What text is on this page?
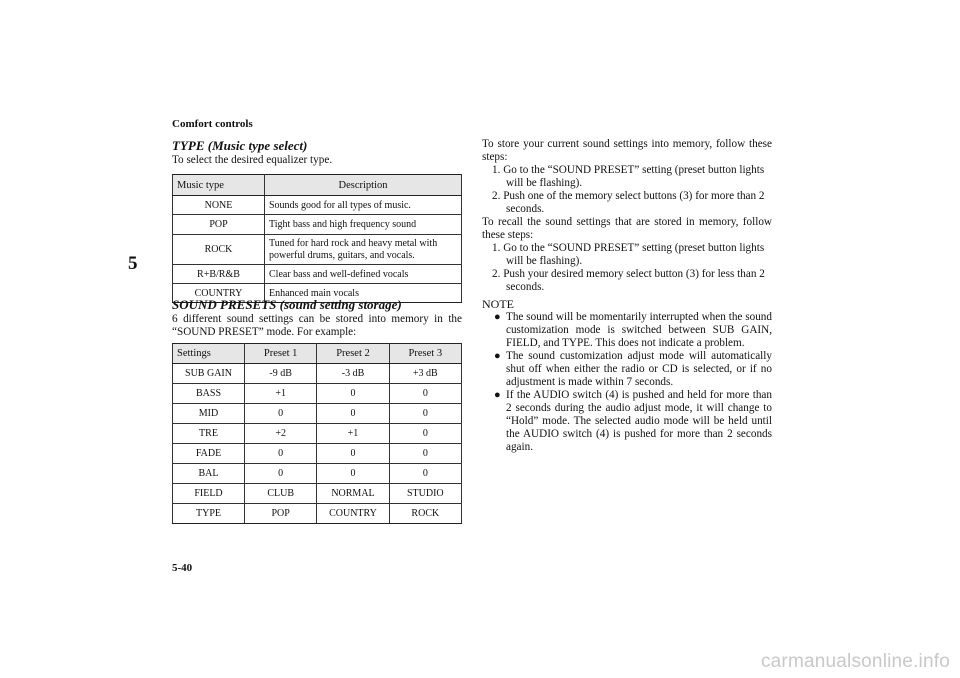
Comfort controls
5
TYPE (Music type select)

To select the desired equalizer type.

Music type	Description
NONE	Sounds good for all types of music.
POP	Tight bass and high frequency sound
ROCK	Tuned for hard rock and heavy metal with powerful drums, guitars, and vocals.
R+B/R&B	Clear bass and well-defined vocals
COUNTRY	Enhanced main vocals
SOUND PRESETS (sound setting storage)

6 different sound settings can be stored into memory in the “SOUND PRESET” mode. For example:

Settings	Preset 1	Preset 2	Preset 3
SUB GAIN	-9 dB	-3 dB	+3 dB
BASS	+1	0	0
MID	0	0	0
TRE	+2	+1	0
FADE	0	0	0
BAL	0	0	0
FIELD	CLUB	NORMAL	STUDIO
TYPE	POP	COUNTRY	ROCK

To store your current sound settings into memory, follow these steps:

1. Go to the “SOUND PRESET” setting (preset button lights will be flashing).

2. Push one of the memory select buttons (3) for more than 2 seconds.

To recall the sound settings that are stored in memory, follow these steps:

1. Go to the “SOUND PRESET” setting (preset button lights will be flashing).

2. Push your desired memory select button (3) for less than 2 seconds.

NOTE

● The sound will be momentarily interrupted when the sound customization mode is switched between SUB GAIN, FIELD, and TYPE. This does not indicate a problem.

● The sound customization adjust mode will automatically shut off when either the radio or CD is selected, or if no adjustment is made within 7 seconds.

● If the AUDIO switch (4) is pushed and held for more than 2 seconds during the audio adjust mode, it will change to “Hold” mode. The selected audio mode will be held until the AUDIO switch (4) is pushed for more than 2 seconds again.

5-40
carmanualsonline.info
